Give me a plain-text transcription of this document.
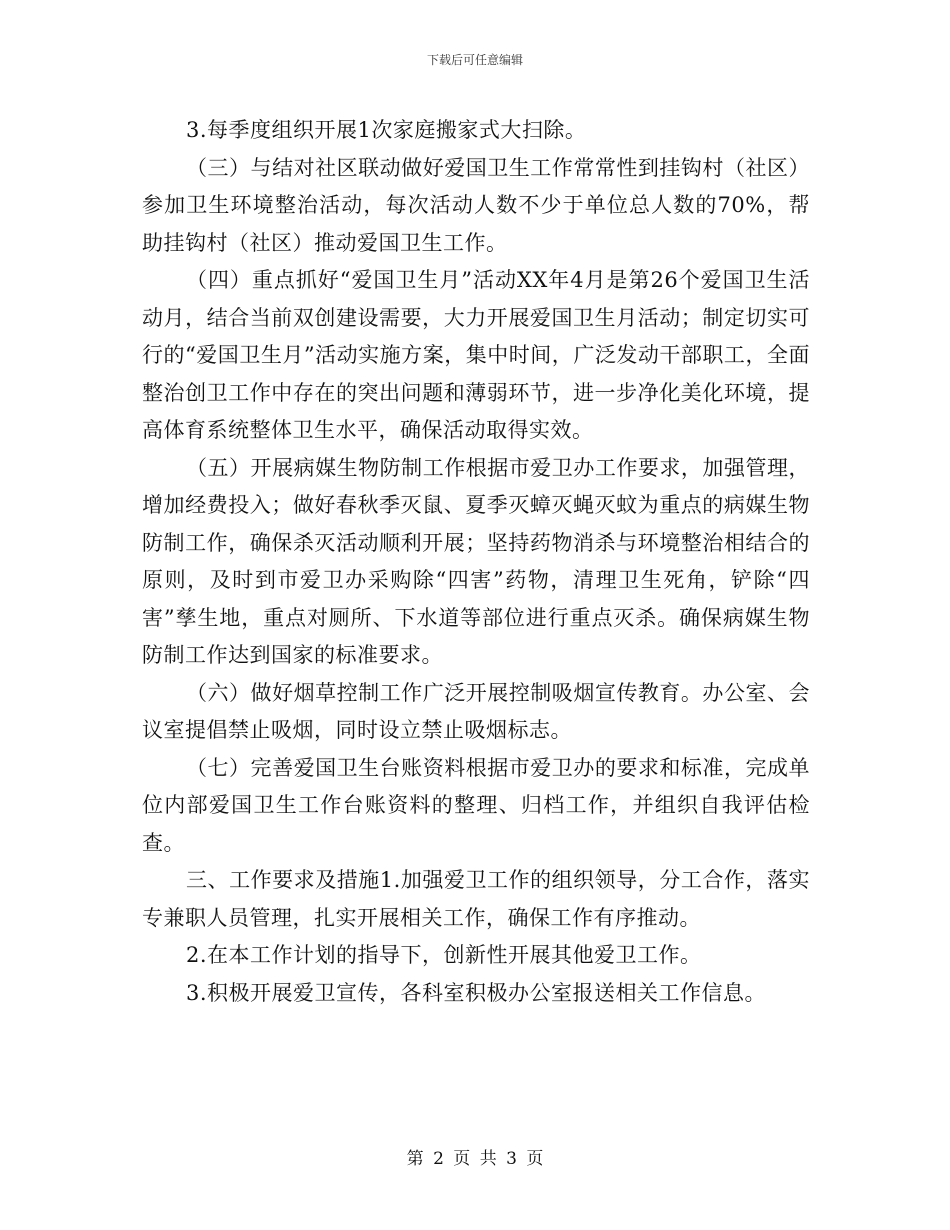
下载后可任意编辑

3.每季度组织开展1次家庭搬家式大扫除。

（三）与结对社区联动做好爱国卫生工作常常性到挂钩村（社区）参加卫生环境整治活动，每次活动人数不少于单位总人数的70%，帮助挂钩村（社区）推动爱国卫生工作。

（四）重点抓好“爱国卫生月”活动XX年4月是第26个爱国卫生活动月，结合当前双创建设需要，大力开展爱国卫生月活动；制定切实可行的“爱国卫生月”活动实施方案，集中时间，广泛发动干部职工，全面整治创卫工作中存在的突出问题和薄弱环节，进一步净化美化环境，提高体育系统整体卫生水平，确保活动取得实效。

（五）开展病媒生物防制工作根据市爱卫办工作要求，加强管理，增加经费投入；做好春秋季灭鼠、夏季灭蟑灭蝇灭蚊为重点的病媒生物防制工作，确保杀灭活动顺利开展；坚持药物消杀与环境整治相结合的原则，及时到市爱卫办采购除“四害”药物，清理卫生死角，铲除“四害”孳生地，重点对厕所、下水道等部位进行重点灭杀。确保病媒生物防制工作达到国家的标准要求。

（六）做好烟草控制工作广泛开展控制吸烟宣传教育。办公室、会议室提倡禁止吸烟，同时设立禁止吸烟标志。

（七）完善爱国卫生台账资料根据市爱卫办的要求和标准，完成单位内部爱国卫生工作台账资料的整理、归档工作，并组织自我评估检查。

三、工作要求及措施1.加强爱卫工作的组织领导，分工合作，落实专兼职人员管理，扎实开展相关工作，确保工作有序推动。

2.在本工作计划的指导下，创新性开展其他爱卫工作。

3.积极开展爱卫宣传，各科室积极办公室报送相关工作信息。

第 2 页 共 3 页
